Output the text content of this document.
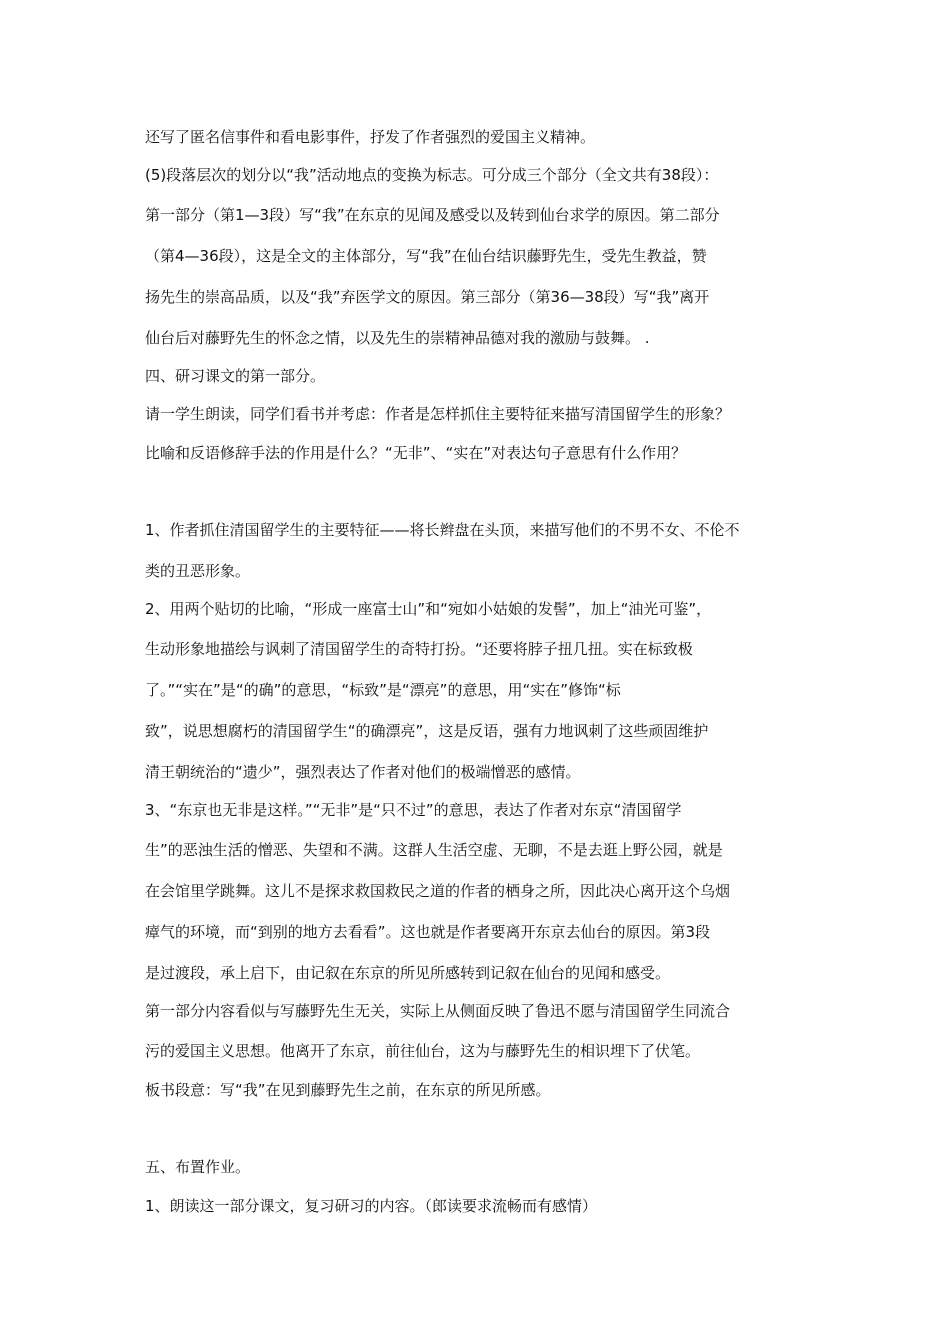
还写了匿名信事件和看电影事件，抒发了作者强烈的爱国主义精神。
(5)段落层次的划分以“我”活动地点的变换为标志。可分成三个部分（全文共有38段）：
第一部分（第1—3段）写“我”在东京的见闻及感受以及转到仙台求学的原因。第二部分
（第4—36段），这是全文的主体部分，写“我”在仙台结识藤野先生，受先生教益，赞
扬先生的崇高品质，以及“我”弃医学文的原因。第三部分（第36—38段）写“我”离开
仙台后对藤野先生的怀念之情，以及先生的崇精神品德对我的激励与鼓舞。 .
四、研习课文的第一部分。
请一学生朗读，同学们看书并考虑：作者是怎样抓住主要特征来描写清国留学生的形象？
比喻和反语修辞手法的作用是什么？“无非”、“实在”对表达句子意思有什么作用？
1、作者抓住清国留学生的主要特征——将长辫盘在头顶，来描写他们的不男不女、不伦不
类的丑恶形象。
2、用两个贴切的比喻，“形成一座富士山”和“宛如小姑娘的发髻”，加上“油光可鉴”，
生动形象地描绘与讽刺了清国留学生的奇特打扮。“还要将脖子扭几扭。实在标致极
了。”“实在”是“的确”的意思，“标致”是“漂亮”的意思，用“实在”修饰“标
致”，说思想腐朽的清国留学生“的确漂亮”，这是反语，强有力地讽刺了这些顽固维护
清王朝统治的“遗少”，强烈表达了作者对他们的极端憎恶的感情。
3、“东京也无非是这样。”“无非”是“只不过”的意思，表达了作者对东京“清国留学
生”的恶浊生活的憎恶、失望和不满。这群人生活空虚、无聊，不是去逛上野公园，就是
在会馆里学跳舞。这儿不是探求救国救民之道的作者的栖身之所，因此决心离开这个乌烟
瘴气的环境，而“到别的地方去看看”。这也就是作者要离开东京去仙台的原因。第3段
是过渡段，承上启下，由记叙在东京的所见所感转到记叙在仙台的见闻和感受。
第一部分内容看似与写藤野先生无关，实际上从侧面反映了鲁迅不愿与清国留学生同流合
污的爱国主义思想。他离开了东京，前往仙台，这为与藤野先生的相识埋下了伏笔。
板书段意：写“我”在见到藤野先生之前，在东京的所见所感。
五、布置作业。
1、朗读这一部分课文，复习研习的内容。（郎读要求流畅而有感情）
